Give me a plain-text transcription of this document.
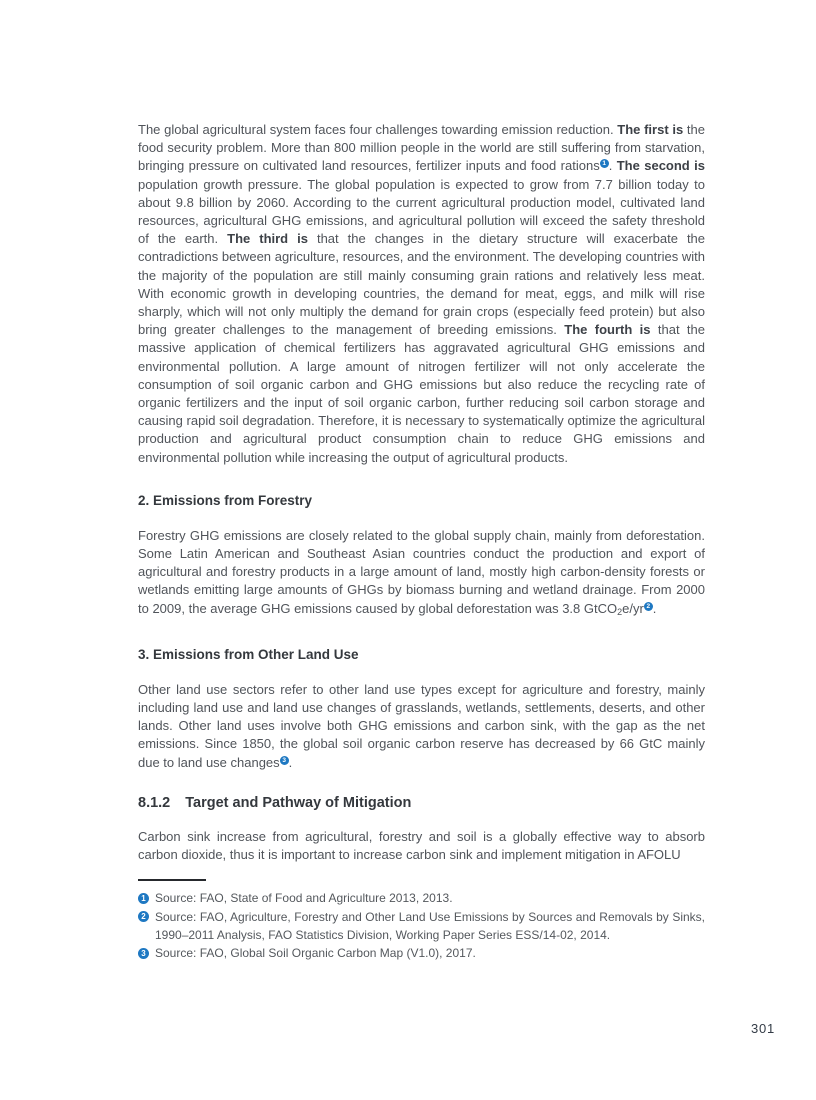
The global agricultural system faces four challenges towarding emission reduction. The first is the food security problem. More than 800 million people in the world are still suffering from starvation, bringing pressure on cultivated land resources, fertilizer inputs and food rations 1 . The second is population growth pressure. The global population is expected to grow from 7.7 billion today to about 9.8 billion by 2060. According to the current agricultural production model, cultivated land resources, agricultural GHG emissions, and agricultural pollution will exceed the safety threshold of the earth. The third is that the changes in the dietary structure will exacerbate the contradictions between agriculture, resources, and the environment. The developing countries with the majority of the population are still mainly consuming grain rations and relatively less meat. With economic growth in developing countries, the demand for meat, eggs, and milk will rise sharply, which will not only multiply the demand for grain crops (especially feed protein) but also bring greater challenges to the management of breeding emissions. The fourth is that the massive application of chemical fertilizers has aggravated agricultural GHG emissions and environmental pollution. A large amount of nitrogen fertilizer will not only accelerate the consumption of soil organic carbon and GHG emissions but also reduce the recycling rate of organic fertilizers and the input of soil organic carbon, further reducing soil carbon storage and causing rapid soil degradation. Therefore, it is necessary to systematically optimize the agricultural production and agricultural product consumption chain to reduce GHG emissions and environmental pollution while increasing the output of agricultural products.

2. Emissions from Forestry

Forestry GHG emissions are closely related to the global supply chain, mainly from deforestation. Some Latin American and Southeast Asian countries conduct the production and export of agricultural and forestry products in a large amount of land, mostly high carbon-density forests or wetlands emitting large amounts of GHGs by biomass burning and wetland drainage. From 2000 to 2009, the average GHG emissions caused by global deforestation was 3.8 GtCO2e/yr 2 .

3. Emissions from Other Land Use

Other land use sectors refer to other land use types except for agriculture and forestry, mainly including land use and land use changes of grasslands, wetlands, settlements, deserts, and other lands. Other land uses involve both GHG emissions and carbon sink, with the gap as the net emissions. Since 1850, the global soil organic carbon reserve has decreased by 66 GtC mainly due to land use changes 3 .

8.1.2 Target and Pathway of Mitigation

Carbon sink increase from agricultural, forestry and soil is a globally effective way to absorb carbon dioxide, thus it is important to increase carbon sink and implement mitigation in AFOLU

1 Source: FAO, State of Food and Agriculture 2013, 2013.
2 Source: FAO, Agriculture, Forestry and Other Land Use Emissions by Sources and Removals by Sinks, 1990–2011 Analysis, FAO Statistics Division, Working Paper Series ESS/14-02, 2014.
3 Source: FAO, Global Soil Organic Carbon Map (V1.0), 2017.
301
